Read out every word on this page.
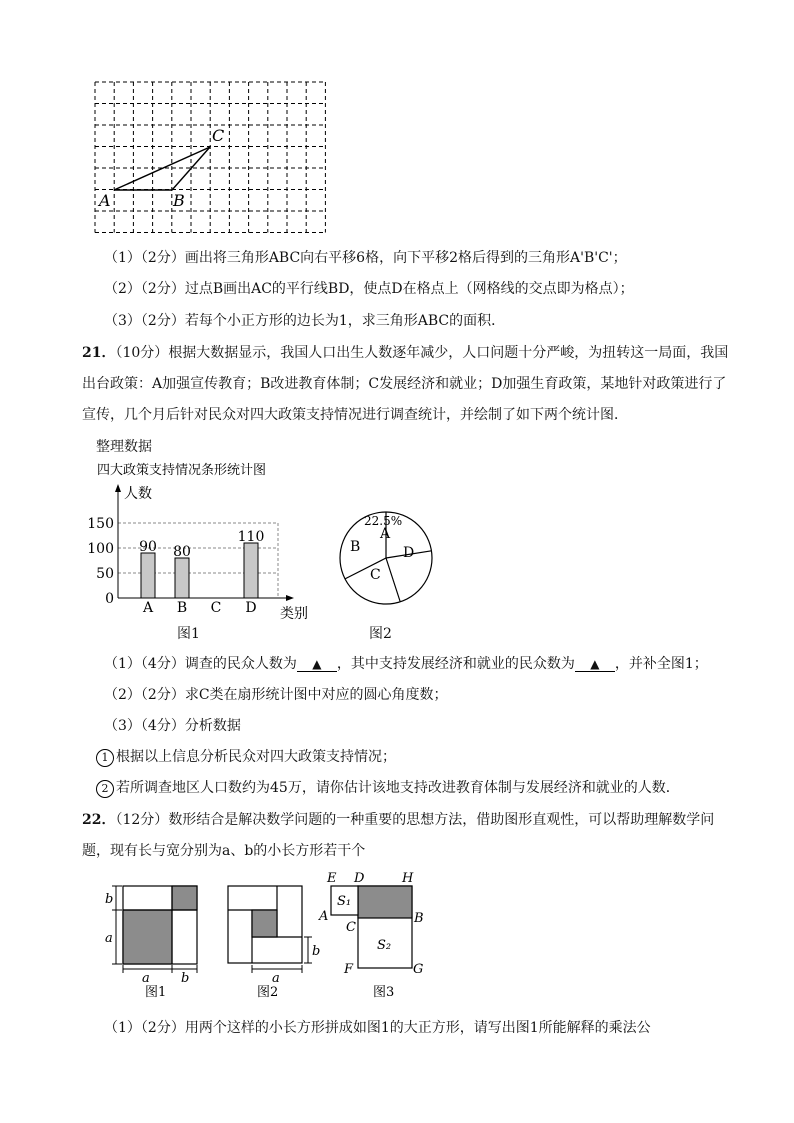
A	B
C
（1）（2分）画出将三角形ABC向右平移6格，向下平移2格后得到的三角形A'B'C'；
（2）（2分）过点B画出AC的平行线BD，使点D在格点上（网格线的交点即为格点）；
（3）（2分）若每个小正方形的边长为1，求三角形ABC的面积．
21．（10分）根据大数据显示，我国人口出生人数逐年减少，人口问题十分严峻，为扭转这一局面，我国
出台政策：A加强宣传教育；B改进教育体制；C发展经济和就业；D加强生育政策，某地针对政策进行了
宣传，几个月后针对民众对四大政策支持情况进行调查统计，并绘制了如下两个统计图．
整理数据
四大政策支持情况条形统计图
人数
类别
0
50
100
150
90
A
80
B C
110
D
图1
A
B
C
D
22.5%
图2
（1）（4分）调查的民众人数为 ▲ ，其中支持发展经济和就业的民众数为 ▲ ，并补全图1；
（2）（2分）求C类在扇形统计图中对应的圆心角度数；
（3）（4分）分析数据
1 根据以上信息分析民众对四大政策支持情况；
2 若所调查地区人口数约为45万，请你估计该地支持改进教育体制与发展经济和就业的人数．
22．（12分）数形结合是解决数学问题的一种重要的思想方法，借助图形直观性，可以帮助理解数学问
题，现有长与宽分别为a、b的小长方形若干个
b
a
a b
图1
b
a
图2
E D	H
A	B
C
F	G
S₁
S₂
图3
（1）（2分）用两个这样的小长方形拼成如图1的大正方形，请写出图1所能解释的乘法公
